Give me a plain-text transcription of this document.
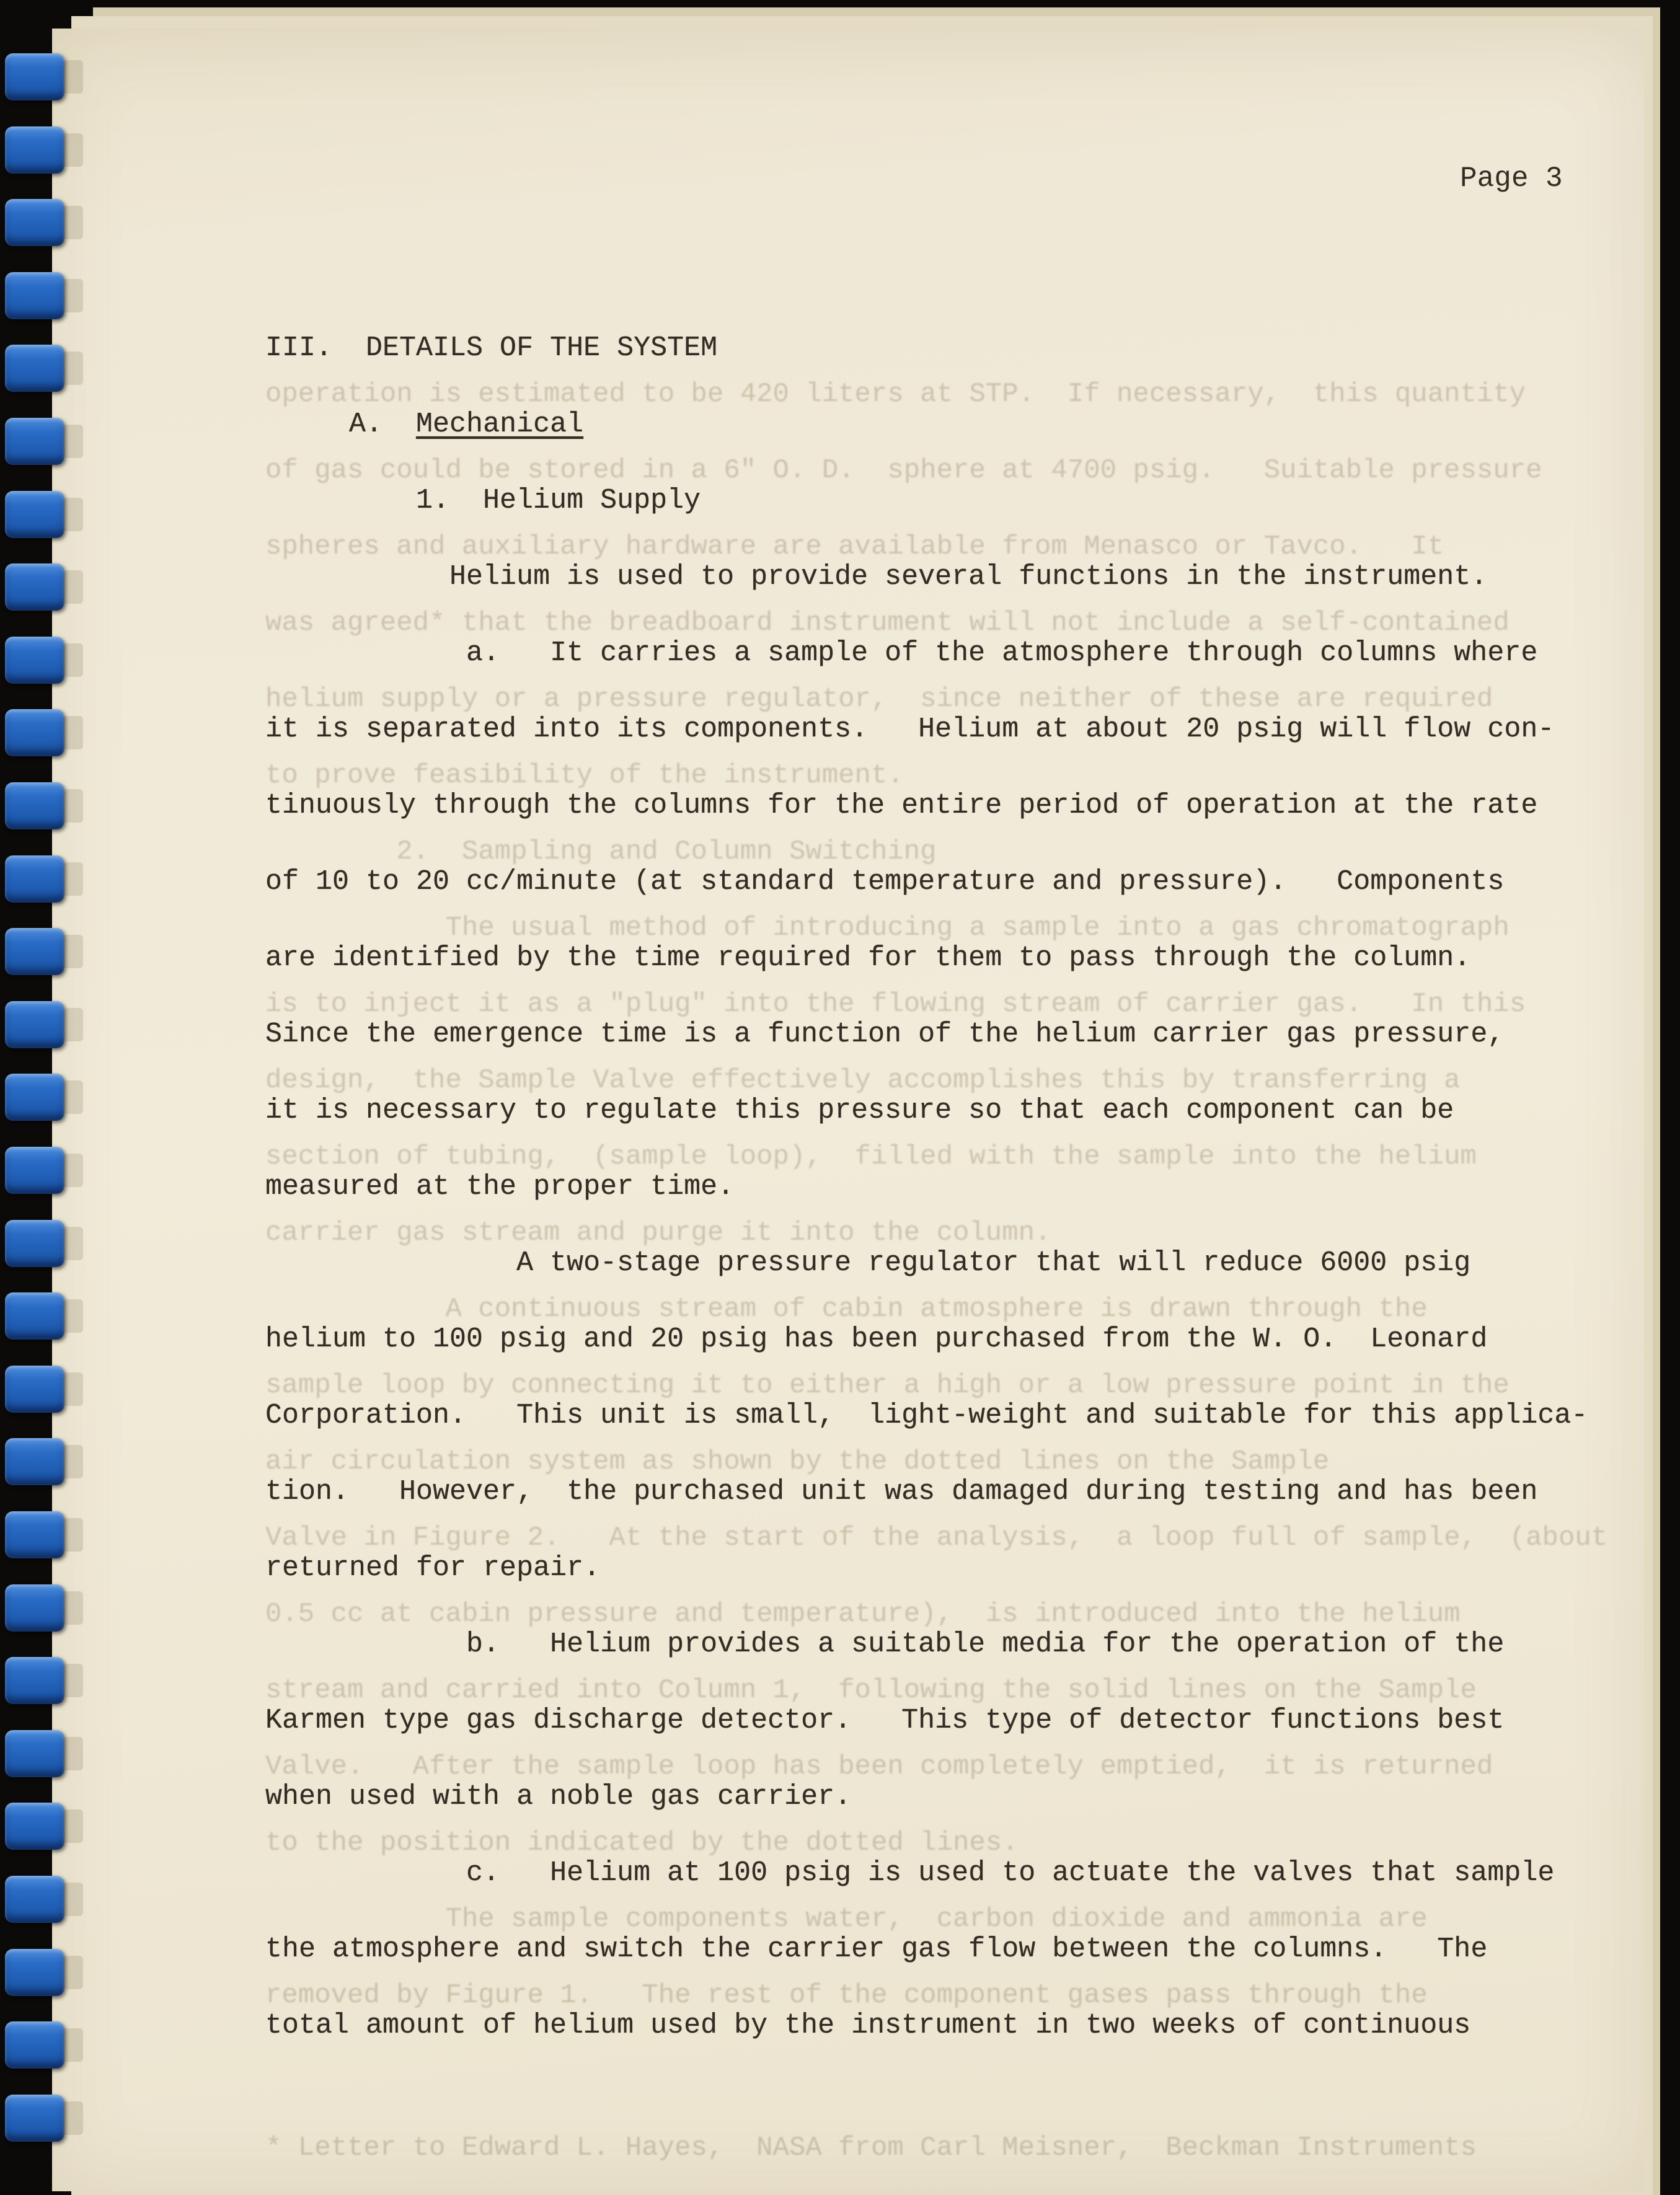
Page 3
operation is estimated to be 420 liters at STP.  If necessary,  this quantity
of gas could be stored in a 6" O. D.  sphere at 4700 psig.   Suitable pressure
spheres and auxiliary hardware are available from Menasco or Tavco.   It
was agreed* that the breadboard instrument will not include a self-contained
helium supply or a pressure regulator,  since neither of these are required
to prove feasibility of the instrument.
2.  Sampling and Column Switching
The usual method of introducing a sample into a gas chromatograph
is to inject it as a "plug" into the flowing stream of carrier gas.   In this
design,  the Sample Valve effectively accomplishes this by transferring a
section of tubing,  (sample loop),  filled with the sample into the helium
carrier gas stream and purge it into the column.
A continuous stream of cabin atmosphere is drawn through the
sample loop by connecting it to either a high or a low pressure point in the
air circulation system as shown by the dotted lines on the Sample
Valve in Figure 2.   At the start of the analysis,  a loop full of sample,  (about
0.5 cc at cabin pressure and temperature),  is introduced into the helium
stream and carried into Column 1,  following the solid lines on the Sample
Valve.   After the sample loop has been completely emptied,  it is returned
to the position indicated by the dotted lines.
The sample components water,  carbon dioxide and ammonia are
removed by Figure 1.   The rest of the component gases pass through the
* Letter to Edward L. Hayes,  NASA from Carl Meisner,  Beckman Instruments
III.  DETAILS OF THE SYSTEM
A.  Mechanical
1.  Helium Supply
Helium is used to provide several functions in the instrument.
a.   It carries a sample of the atmosphere through columns where
it is separated into its components.   Helium at about 20 psig will flow con-
tinuously through the columns for the entire period of operation at the rate
of 10 to 20 cc/minute (at standard temperature and pressure).   Components
are identified by the time required for them to pass through the column.
Since the emergence time is a function of the helium carrier gas pressure,
it is necessary to regulate this pressure so that each component can be
measured at the proper time.
A two-stage pressure regulator that will reduce 6000 psig
helium to 100 psig and 20 psig has been purchased from the W. O.  Leonard
Corporation.   This unit is small,  light-weight and suitable for this applica-
tion.   However,  the purchased unit was damaged during testing and has been
returned for repair.
b.   Helium provides a suitable media for the operation of the
Karmen type gas discharge detector.   This type of detector functions best
when used with a noble gas carrier.
c.   Helium at 100 psig is used to actuate the valves that sample
the atmosphere and switch the carrier gas flow between the columns.   The
total amount of helium used by the instrument in two weeks of continuous
